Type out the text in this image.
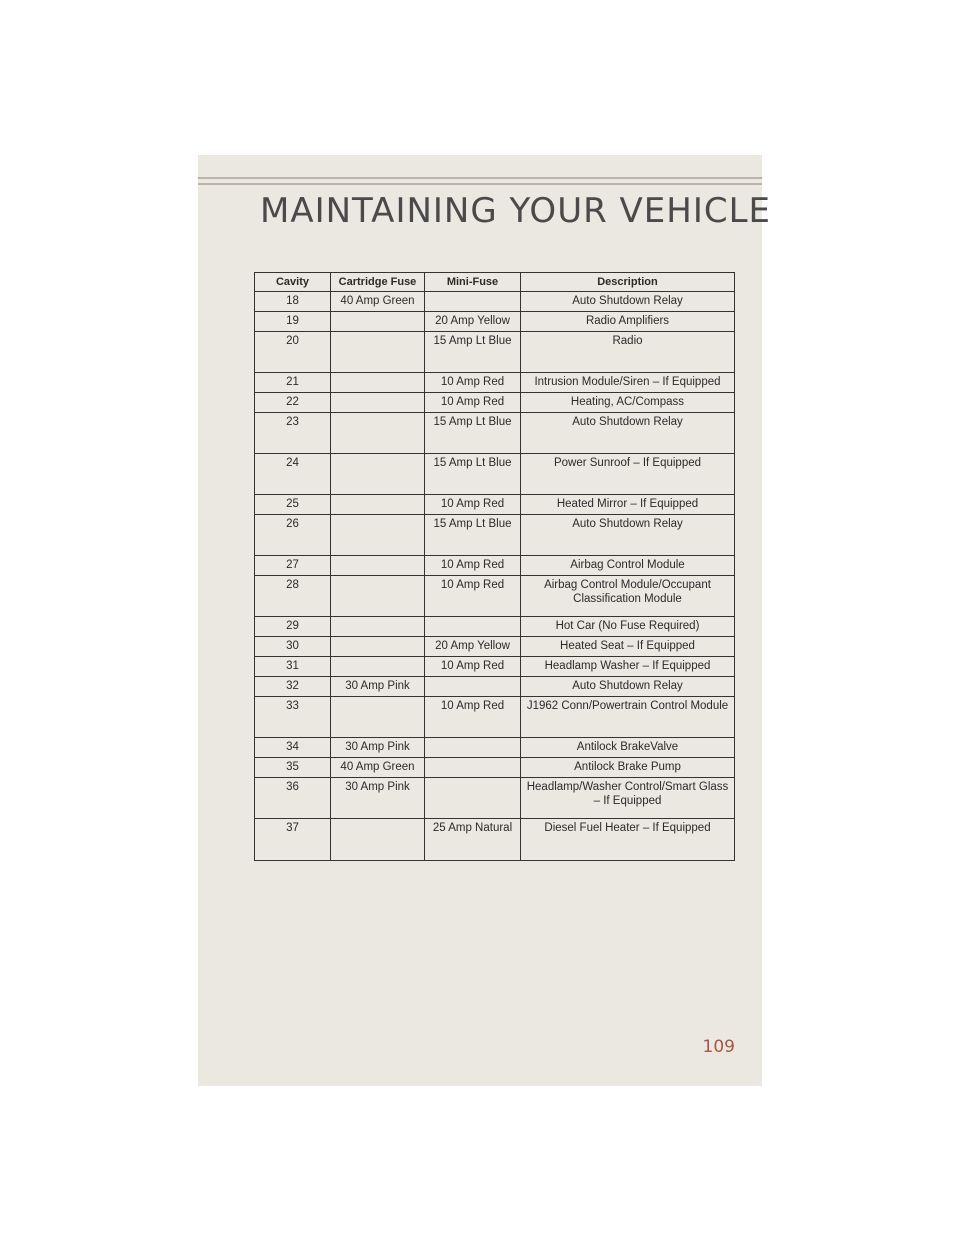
MAINTAINING YOUR VEHICLE
Cavity	Cartridge Fuse	Mini-Fuse	Description
18	40 Amp Green		Auto Shutdown Relay
19		20 Amp Yellow	Radio Amplifiers
20		15 Amp Lt Blue	Radio
21		10 Amp Red	Intrusion Module/Siren – If Equipped
22		10 Amp Red	Heating, AC/Compass
23		15 Amp Lt Blue	Auto Shutdown Relay
24		15 Amp Lt Blue	Power Sunroof – If Equipped
25		10 Amp Red	Heated Mirror – If Equipped
26		15 Amp Lt Blue	Auto Shutdown Relay
27		10 Amp Red	Airbag Control Module
28		10 Amp Red	Airbag Control Module/Occupant Classification Module
29			Hot Car (No Fuse Required)
30		20 Amp Yellow	Heated Seat – If Equipped
31		10 Amp Red	Headlamp Washer – If Equipped
32	30 Amp Pink		Auto Shutdown Relay
33		10 Amp Red	J1962 Conn/Powertrain Control Module
34	30 Amp Pink		Antilock BrakeValve
35	40 Amp Green		Antilock Brake Pump
36	30 Amp Pink		Headlamp/Washer Control/Smart Glass – If Equipped
37		25 Amp Natural	Diesel Fuel Heater – If Equipped
109
